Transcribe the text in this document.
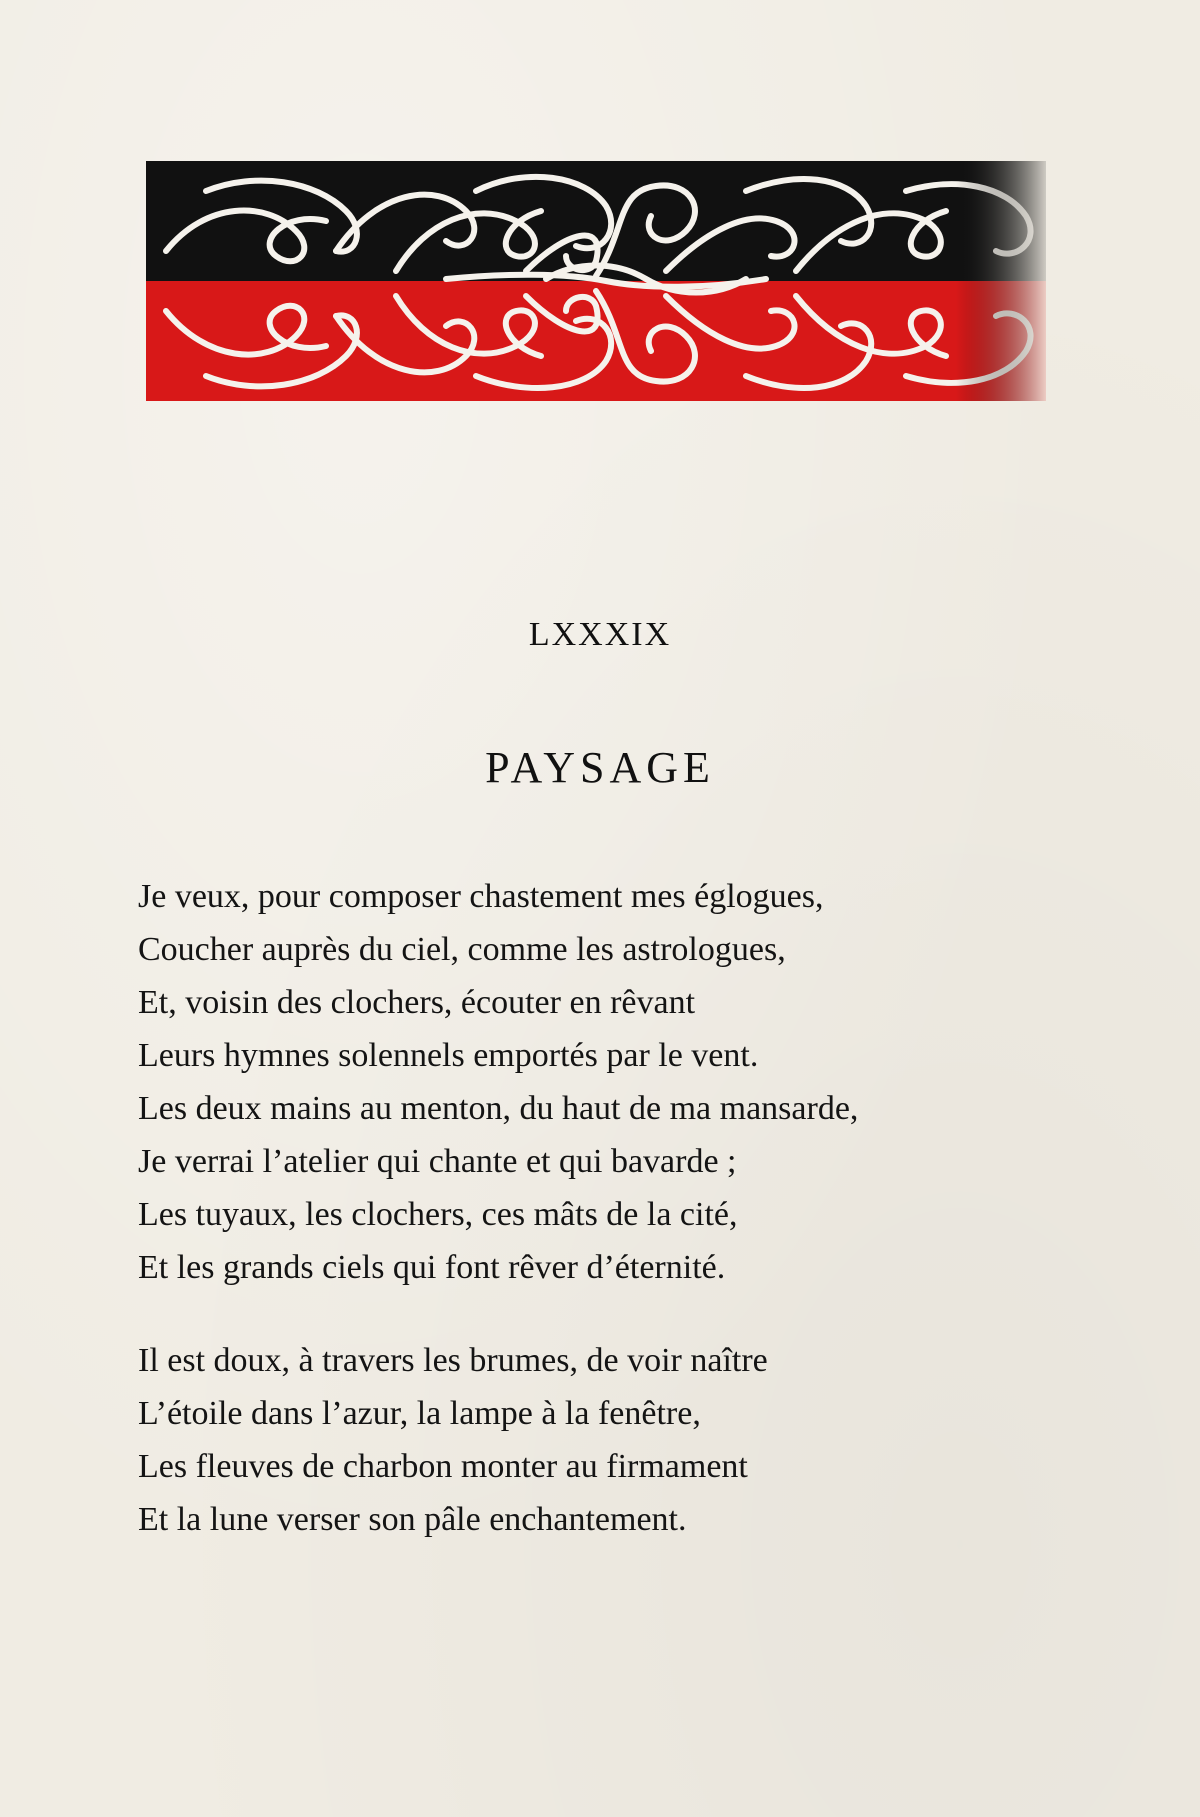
LXXXIX
PAYSAGE
Je veux, pour composer chastement mes églogues,
Coucher auprès du ciel, comme les astrologues,
Et, voisin des clochers, écouter en rêvant
Leurs hymnes solennels emportés par le vent.
Les deux mains au menton, du haut de ma mansarde,
Je verrai l’atelier qui chante et qui bavarde ;
Les tuyaux, les clochers, ces mâts de la cité,
Et les grands ciels qui font rêver d’éternité.
Il est doux, à travers les brumes, de voir naître
L’étoile dans l’azur, la lampe à la fenêtre,
Les fleuves de charbon monter au firmament
Et la lune verser son pâle enchantement.
